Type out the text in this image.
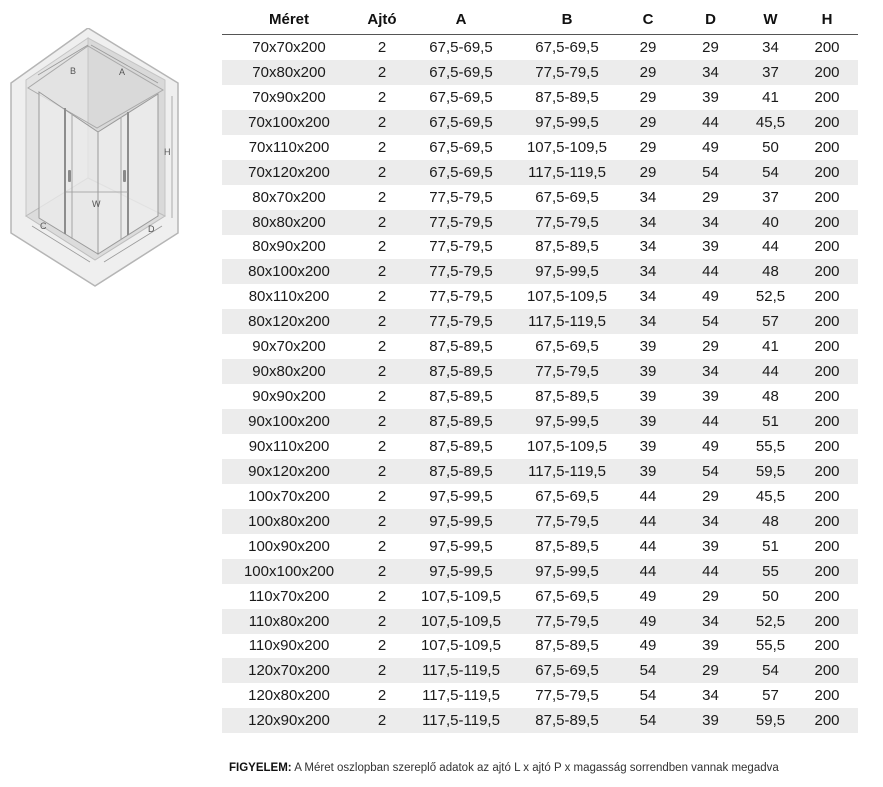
B	A
H
W
C	D
Méret	Ajtó	A	B	C	D	W	H
70x70x200	2	67,5-69,5	67,5-69,5	29	29	34	200
70x80x200	2	67,5-69,5	77,5-79,5	29	34	37	200
70x90x200	2	67,5-69,5	87,5-89,5	29	39	41	200
70x100x200	2	67,5-69,5	97,5-99,5	29	44	45,5	200
70x110x200	2	67,5-69,5	107,5-109,5	29	49	50	200
70x120x200	2	67,5-69,5	117,5-119,5	29	54	54	200
80x70x200	2	77,5-79,5	67,5-69,5	34	29	37	200
80x80x200	2	77,5-79,5	77,5-79,5	34	34	40	200
80x90x200	2	77,5-79,5	87,5-89,5	34	39	44	200
80x100x200	2	77,5-79,5	97,5-99,5	34	44	48	200
80x110x200	2	77,5-79,5	107,5-109,5	34	49	52,5	200
80x120x200	2	77,5-79,5	117,5-119,5	34	54	57	200
90x70x200	2	87,5-89,5	67,5-69,5	39	29	41	200
90x80x200	2	87,5-89,5	77,5-79,5	39	34	44	200
90x90x200	2	87,5-89,5	87,5-89,5	39	39	48	200
90x100x200	2	87,5-89,5	97,5-99,5	39	44	51	200
90x110x200	2	87,5-89,5	107,5-109,5	39	49	55,5	200
90x120x200	2	87,5-89,5	117,5-119,5	39	54	59,5	200
100x70x200	2	97,5-99,5	67,5-69,5	44	29	45,5	200
100x80x200	2	97,5-99,5	77,5-79,5	44	34	48	200
100x90x200	2	97,5-99,5	87,5-89,5	44	39	51	200
100x100x200	2	97,5-99,5	97,5-99,5	44	44	55	200
110x70x200	2	107,5-109,5	67,5-69,5	49	29	50	200
110x80x200	2	107,5-109,5	77,5-79,5	49	34	52,5	200
110x90x200	2	107,5-109,5	87,5-89,5	49	39	55,5	200
120x70x200	2	117,5-119,5	67,5-69,5	54	29	54	200
120x80x200	2	117,5-119,5	77,5-79,5	54	34	57	200
120x90x200	2	117,5-119,5	87,5-89,5	54	39	59,5	200
FIGYELEM: A Méret oszlopban szereplő adatok az ajtó L x ajtó P x magasság sorrendben vannak megadva
